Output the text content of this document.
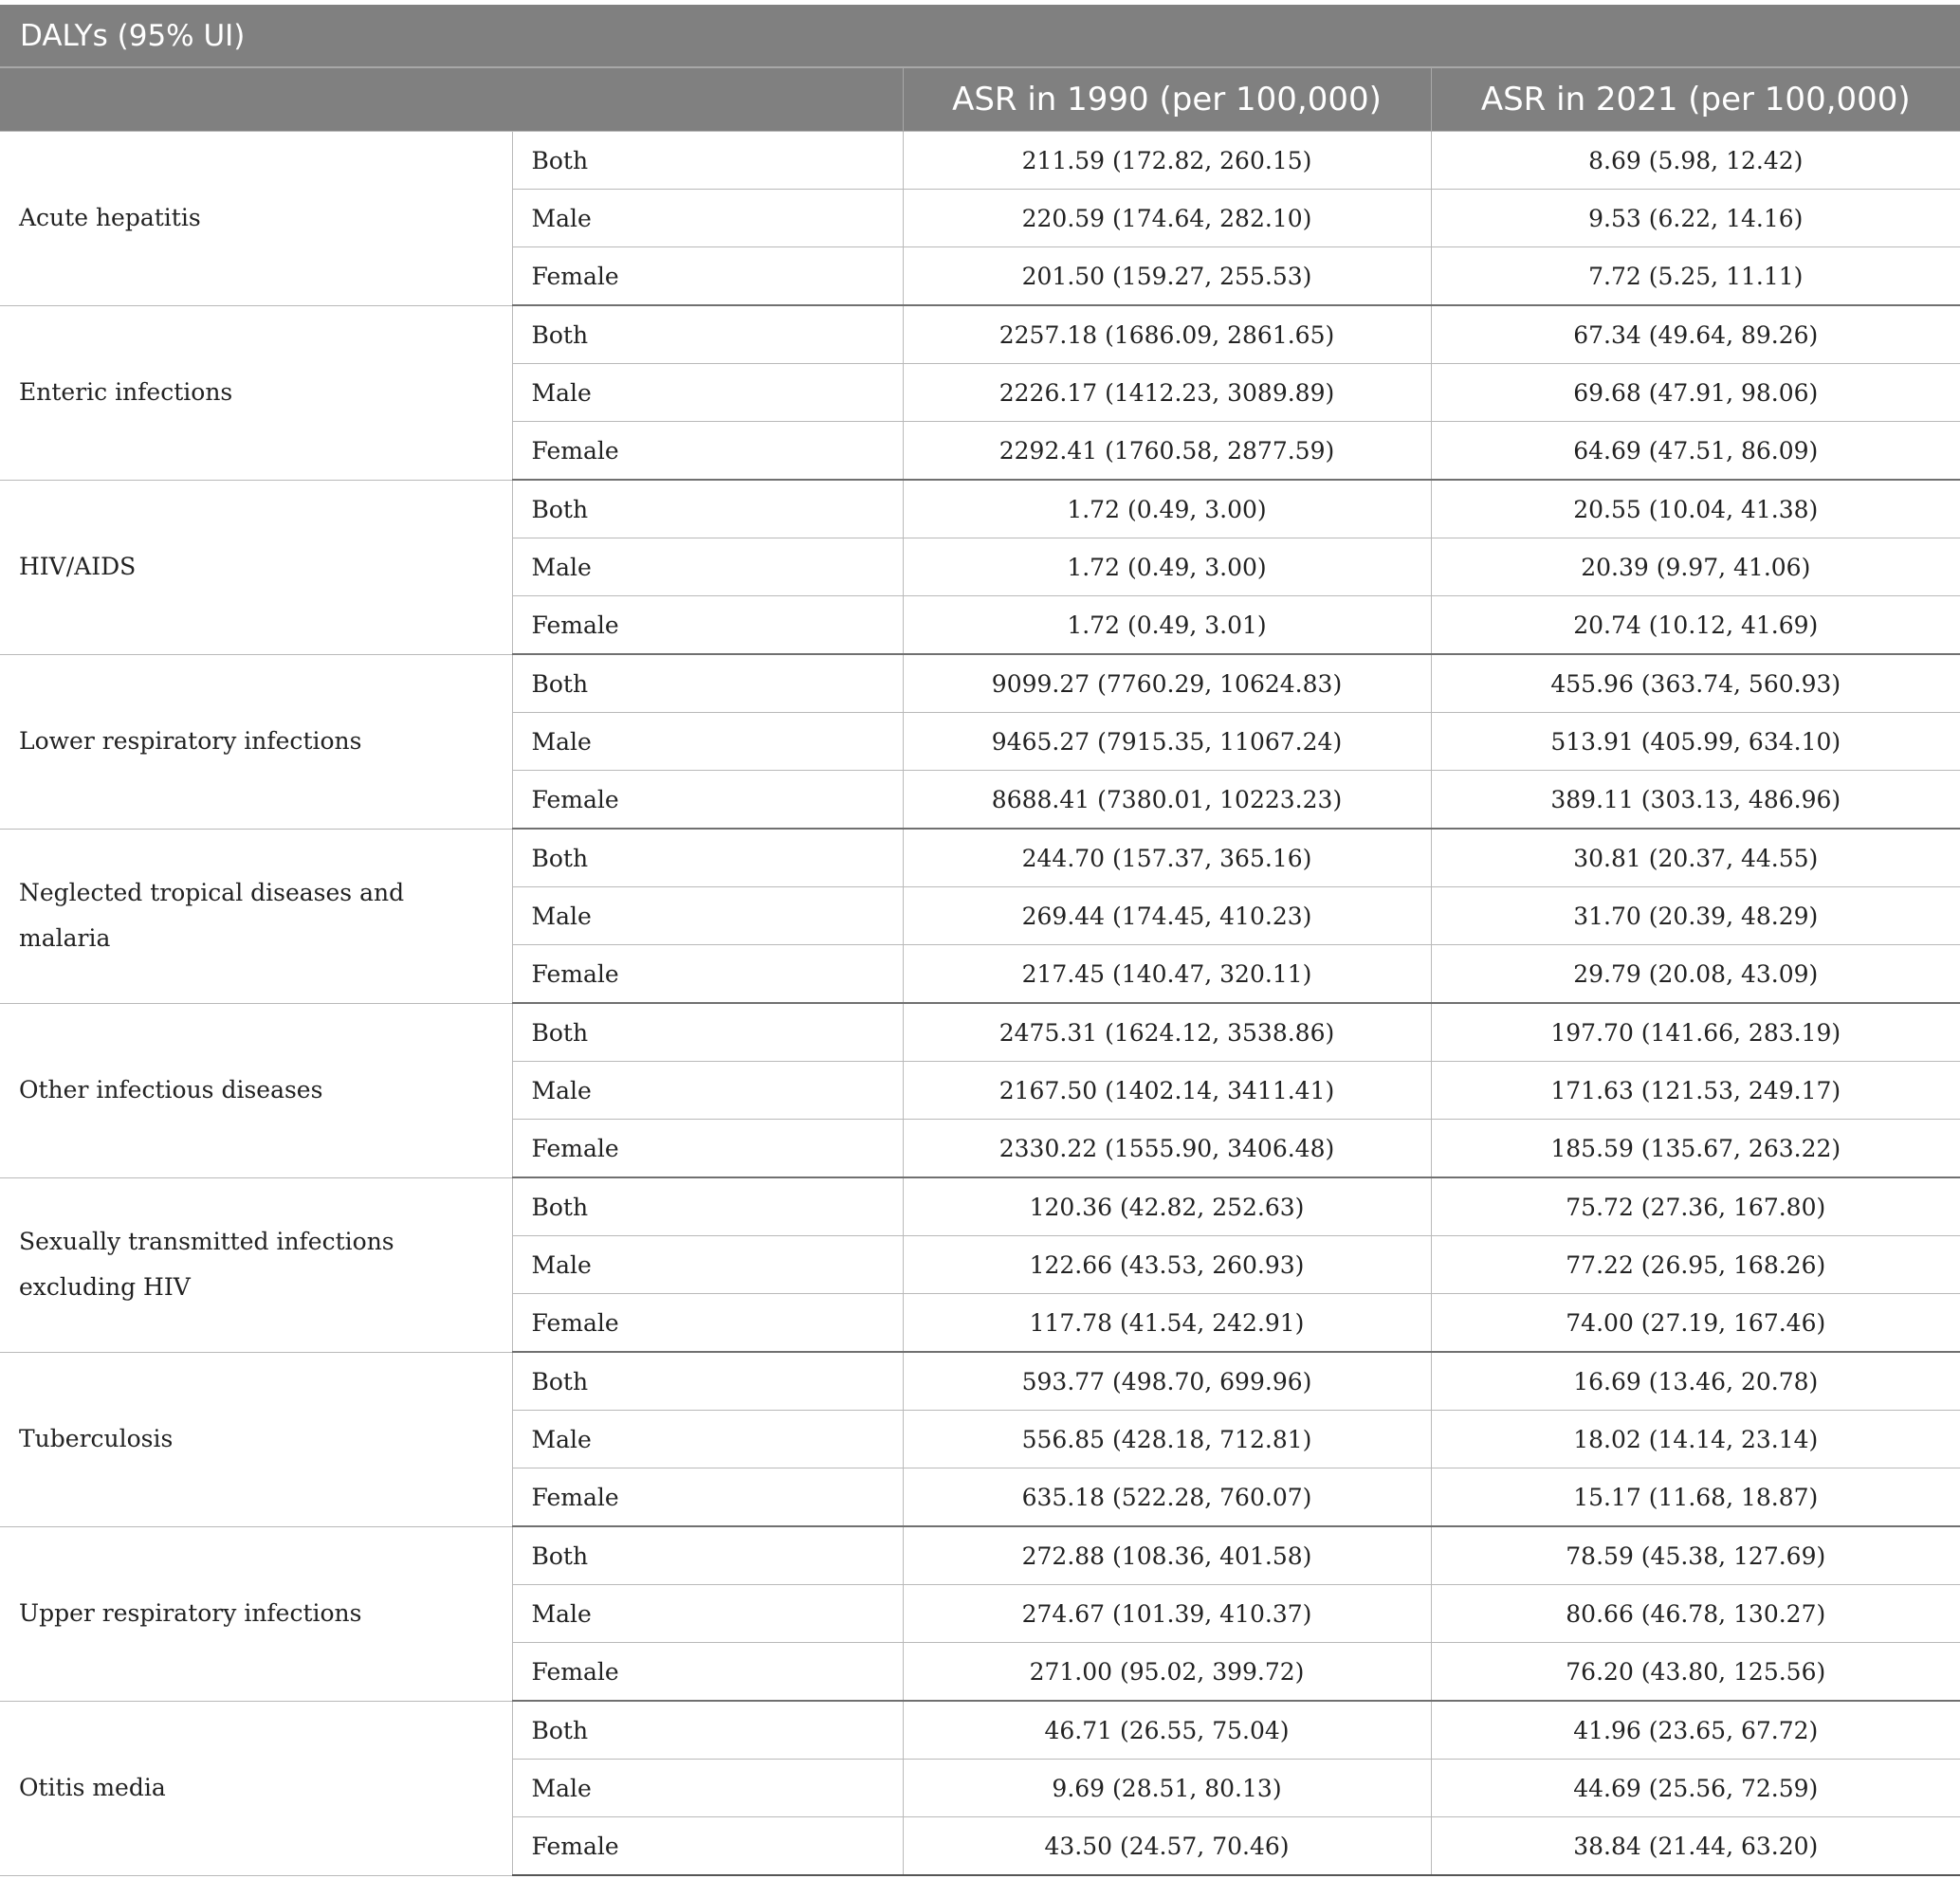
DALYs (95% UI)			
		ASR in 1990 (per 100,000)	ASR in 2021 (per 100,000)
Acute hepatitis	Both	211.59 (172.82, 260.15)	8.69 (5.98, 12.42)
	Male	220.59 (174.64, 282.10)	9.53 (6.22, 14.16)
	Female	201.50 (159.27, 255.53)	7.72 (5.25, 11.11)
Enteric infections	Both	2257.18 (1686.09, 2861.65)	67.34 (49.64, 89.26)
	Male	2226.17 (1412.23, 3089.89)	69.68 (47.91, 98.06)
	Female	2292.41 (1760.58, 2877.59)	64.69 (47.51, 86.09)
HIV/AIDS	Both	1.72 (0.49, 3.00)	20.55 (10.04, 41.38)
	Male	1.72 (0.49, 3.00)	20.39 (9.97, 41.06)
	Female	1.72 (0.49, 3.01)	20.74 (10.12, 41.69)
Lower respiratory infections	Both	9099.27 (7760.29, 10624.83)	455.96 (363.74, 560.93)
	Male	9465.27 (7915.35, 11067.24)	513.91 (405.99, 634.10)
	Female	8688.41 (7380.01, 10223.23)	389.11 (303.13, 486.96)
Neglected tropical diseases and malaria	Both	244.70 (157.37, 365.16)	30.81 (20.37, 44.55)
	Male	269.44 (174.45, 410.23)	31.70 (20.39, 48.29)
	Female	217.45 (140.47, 320.11)	29.79 (20.08, 43.09)
Other infectious diseases	Both	2475.31 (1624.12, 3538.86)	197.70 (141.66, 283.19)
	Male	2167.50 (1402.14, 3411.41)	171.63 (121.53, 249.17)
	Female	2330.22 (1555.90, 3406.48)	185.59 (135.67, 263.22)
Sexually transmitted infections excluding HIV	Both	120.36 (42.82, 252.63)	75.72 (27.36, 167.80)
	Male	122.66 (43.53, 260.93)	77.22 (26.95, 168.26)
	Female	117.78 (41.54, 242.91)	74.00 (27.19, 167.46)
Tuberculosis	Both	593.77 (498.70, 699.96)	16.69 (13.46, 20.78)
	Male	556.85 (428.18, 712.81)	18.02 (14.14, 23.14)
	Female	635.18 (522.28, 760.07)	15.17 (11.68, 18.87)
Upper respiratory infections	Both	272.88 (108.36, 401.58)	78.59 (45.38, 127.69)
	Male	274.67 (101.39, 410.37)	80.66 (46.78, 130.27)
	Female	271.00 (95.02, 399.72)	76.20 (43.80, 125.56)
Otitis media	Both	46.71 (26.55, 75.04)	41.96 (23.65, 67.72)
	Male	9.69 (28.51, 80.13)	44.69 (25.56, 72.59)
	Female	43.50 (24.57, 70.46)	38.84 (21.44, 63.20)
